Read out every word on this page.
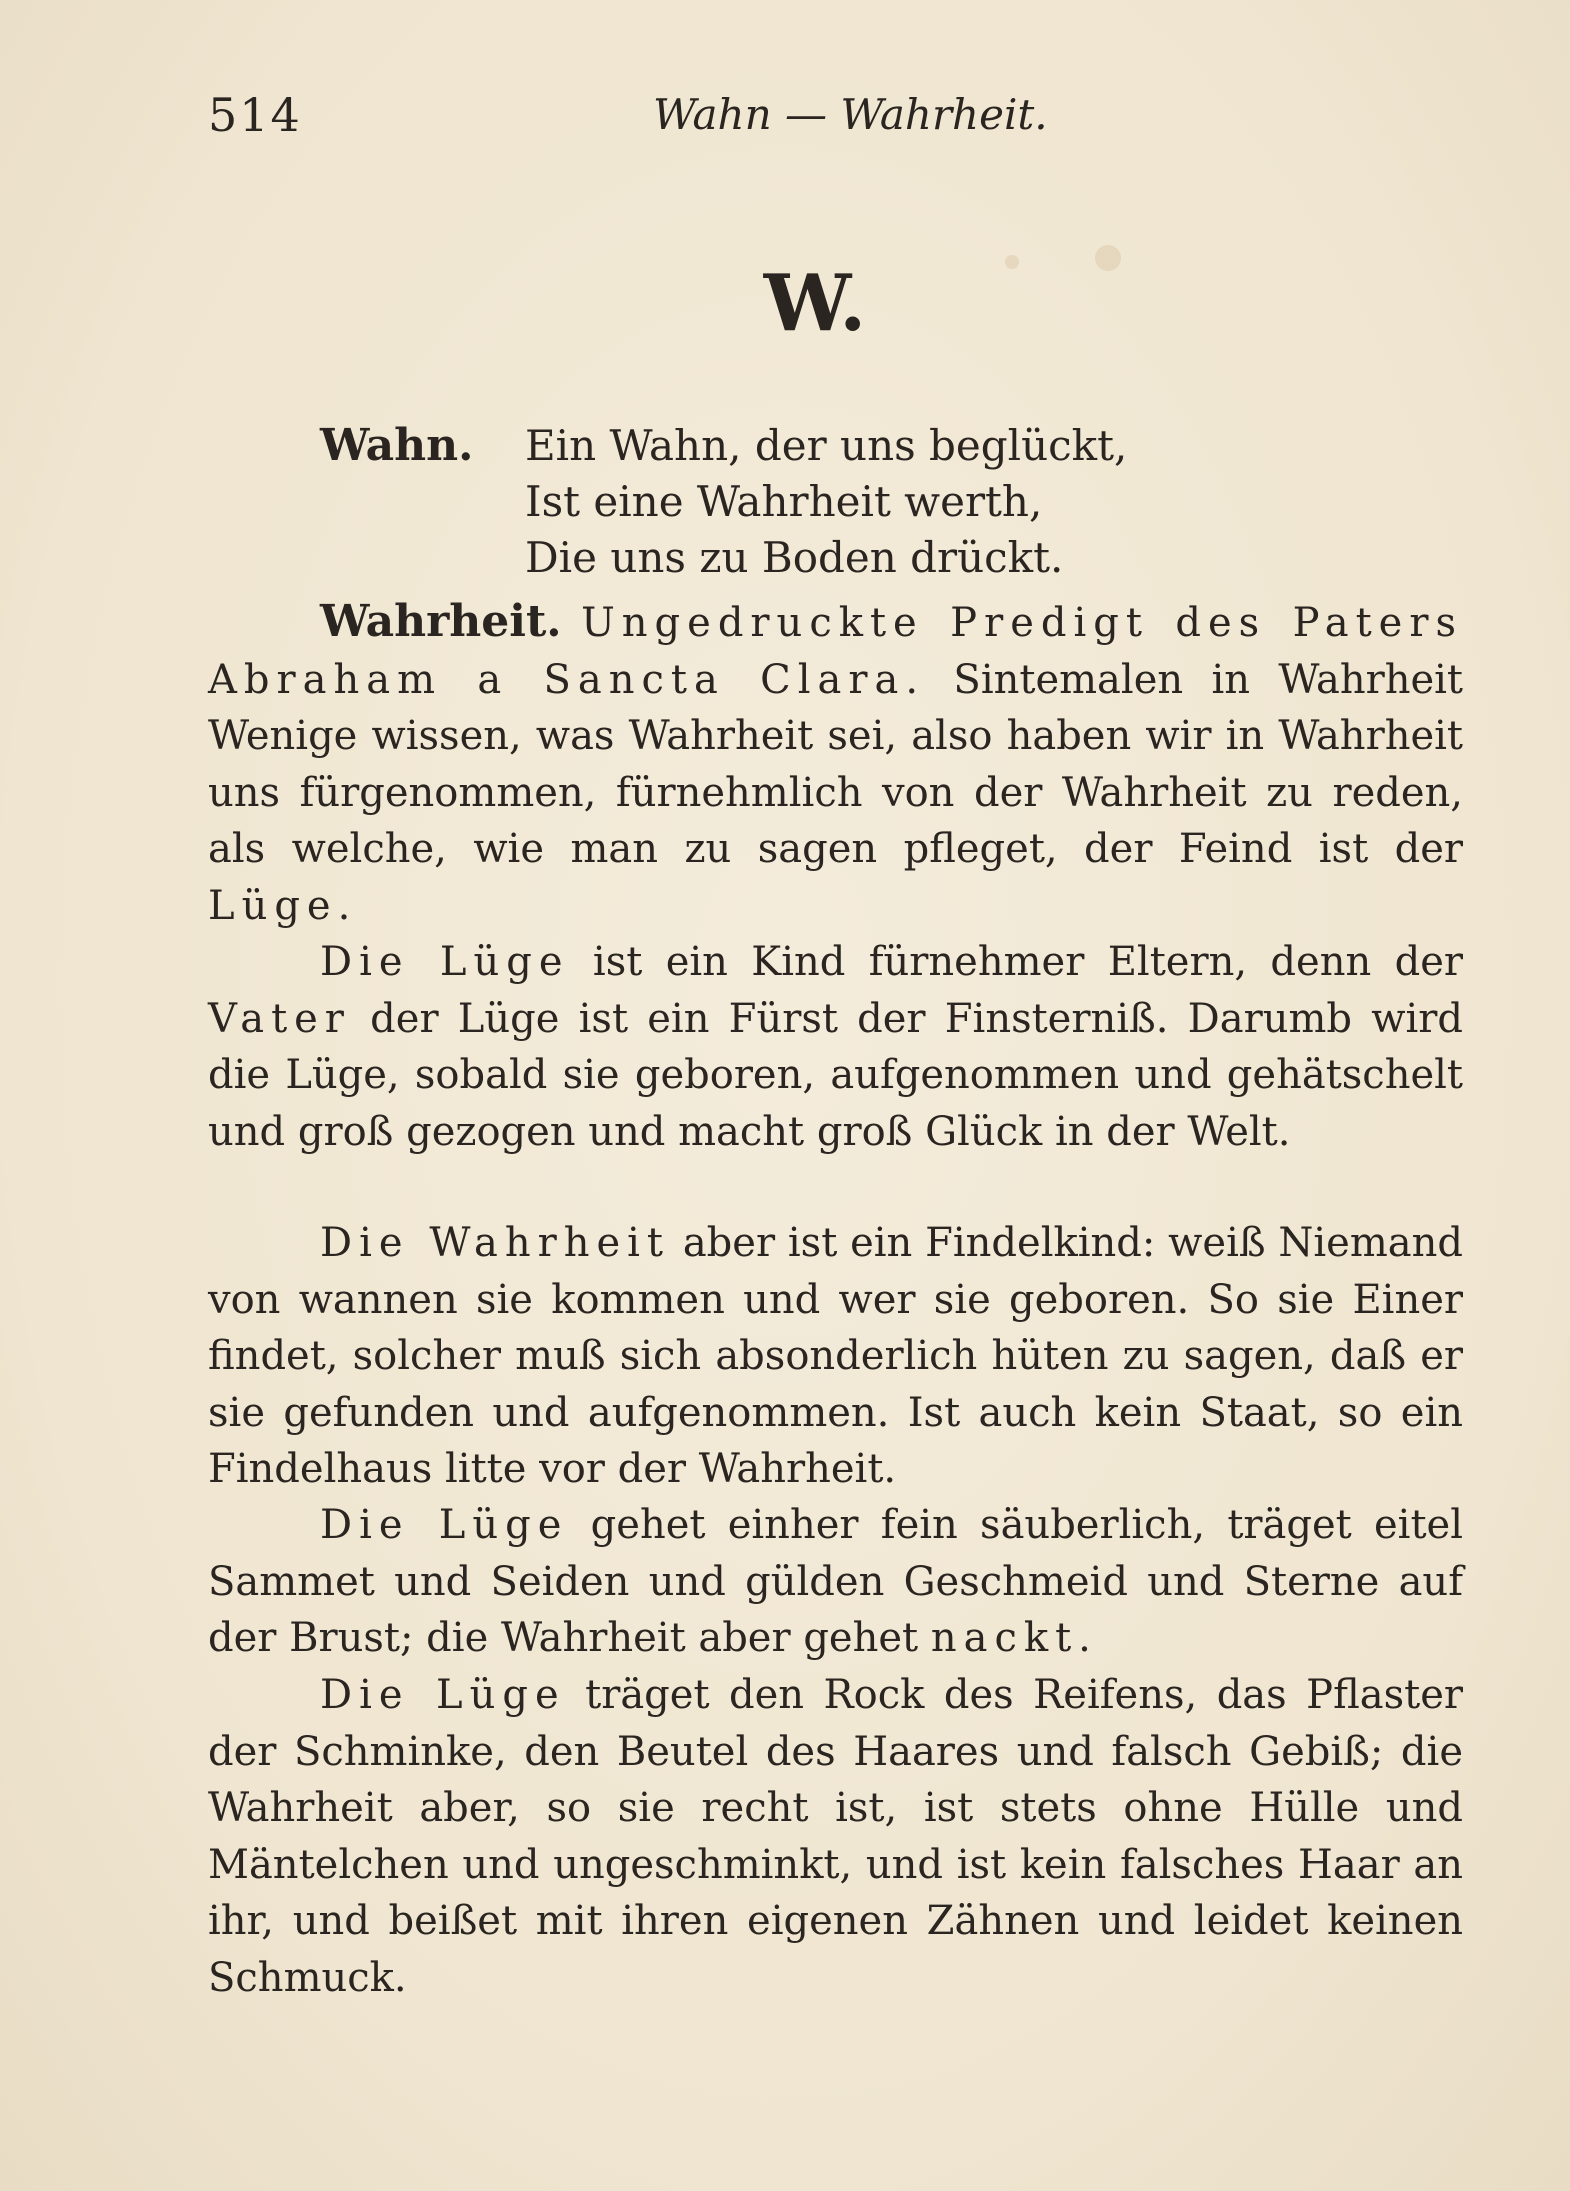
514	Wahn — Wahrheit.
W.
Wahn.	Ein Wahn, der uns beglückt,
Ist eine Wahrheit werth,
Die uns zu Boden drückt.

Wahrheit. Ungedruckte Predigt des Paters Abraham a Sancta Clara. Sintemalen in Wahrheit Wenige wissen, was Wahrheit sei, also haben wir in Wahrheit uns fürgenommen, fürnehmlich von der Wahrheit zu reden, als welche, wie man zu sagen pfleget, der Feind ist der Lüge.

Die Lüge ist ein Kind fürnehmer Eltern, denn der Vater der Lüge ist ein Fürst der Finsterniß. Darumb wird die Lüge, sobald sie geboren, aufgenommen und gehätschelt und groß gezogen und macht groß Glück in der Welt.

Die Wahrheit aber ist ein Findelkind: weiß Niemand von wannen sie kommen und wer sie geboren. So sie Einer findet, solcher muß sich absonderlich hüten zu sagen, daß er sie gefunden und aufgenommen. Ist auch kein Staat, so ein Findelhaus litte vor der Wahrheit.

Die Lüge gehet einher fein säuberlich, träget eitel Sammet und Seiden und gülden Geschmeid und Sterne auf der Brust; die Wahrheit aber gehet nackt.

Die Lüge träget den Rock des Reifens, das Pflaster der Schminke, den Beutel des Haares und falsch Gebiß; die Wahrheit aber, so sie recht ist, ist stets ohne Hülle und Mäntelchen und ungeschminkt, und ist kein falsches Haar an ihr, und beißet mit ihren eigenen Zähnen und leidet keinen Schmuck.
